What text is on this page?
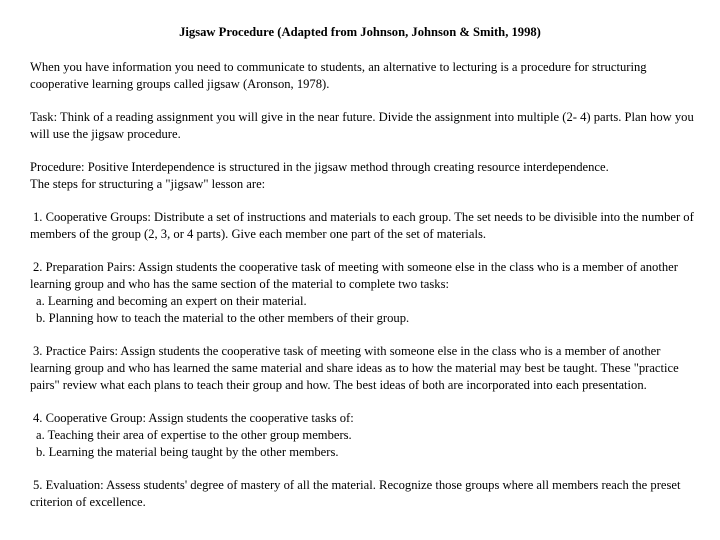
Jigsaw Procedure (Adapted from Johnson, Johnson & Smith, 1998)

When you have information you need to communicate to students, an alternative to lecturing is a procedure for structuring cooperative learning groups called jigsaw (Aronson, 1978).

Task: Think of a reading assignment you will give in the near future. Divide the assignment into multiple (2- 4) parts. Plan how you will use the jigsaw procedure.

Procedure: Positive Interdependence is structured in the jigsaw method through creating resource interdependence.
The steps for structuring a "jigsaw" lesson are:
1. Cooperative Groups: Distribute a set of instructions and materials to each group. The set needs to be divisible into the number of members of the group (2, 3, or 4 parts). Give each member one part of the set of materials.
2. Preparation Pairs: Assign students the cooperative task of meeting with someone else in the class who is a member of another learning group and who has the same section of the material to complete two tasks:
a. Learning and becoming an expert on their material.
b. Planning how to teach the material to the other members of their group.
3. Practice Pairs: Assign students the cooperative task of meeting with someone else in the class who is a member of another learning group and who has learned the same material and share ideas as to how the material may best be taught. These "practice pairs" review what each plans to teach their group and how. The best ideas of both are incorporated into each presentation.
4. Cooperative Group: Assign students the cooperative tasks of:
a. Teaching their area of expertise to the other group members.
b. Learning the material being taught by the other members.
5. Evaluation: Assess students' degree of mastery of all the material. Recognize those groups where all members reach the preset criterion of excellence.
